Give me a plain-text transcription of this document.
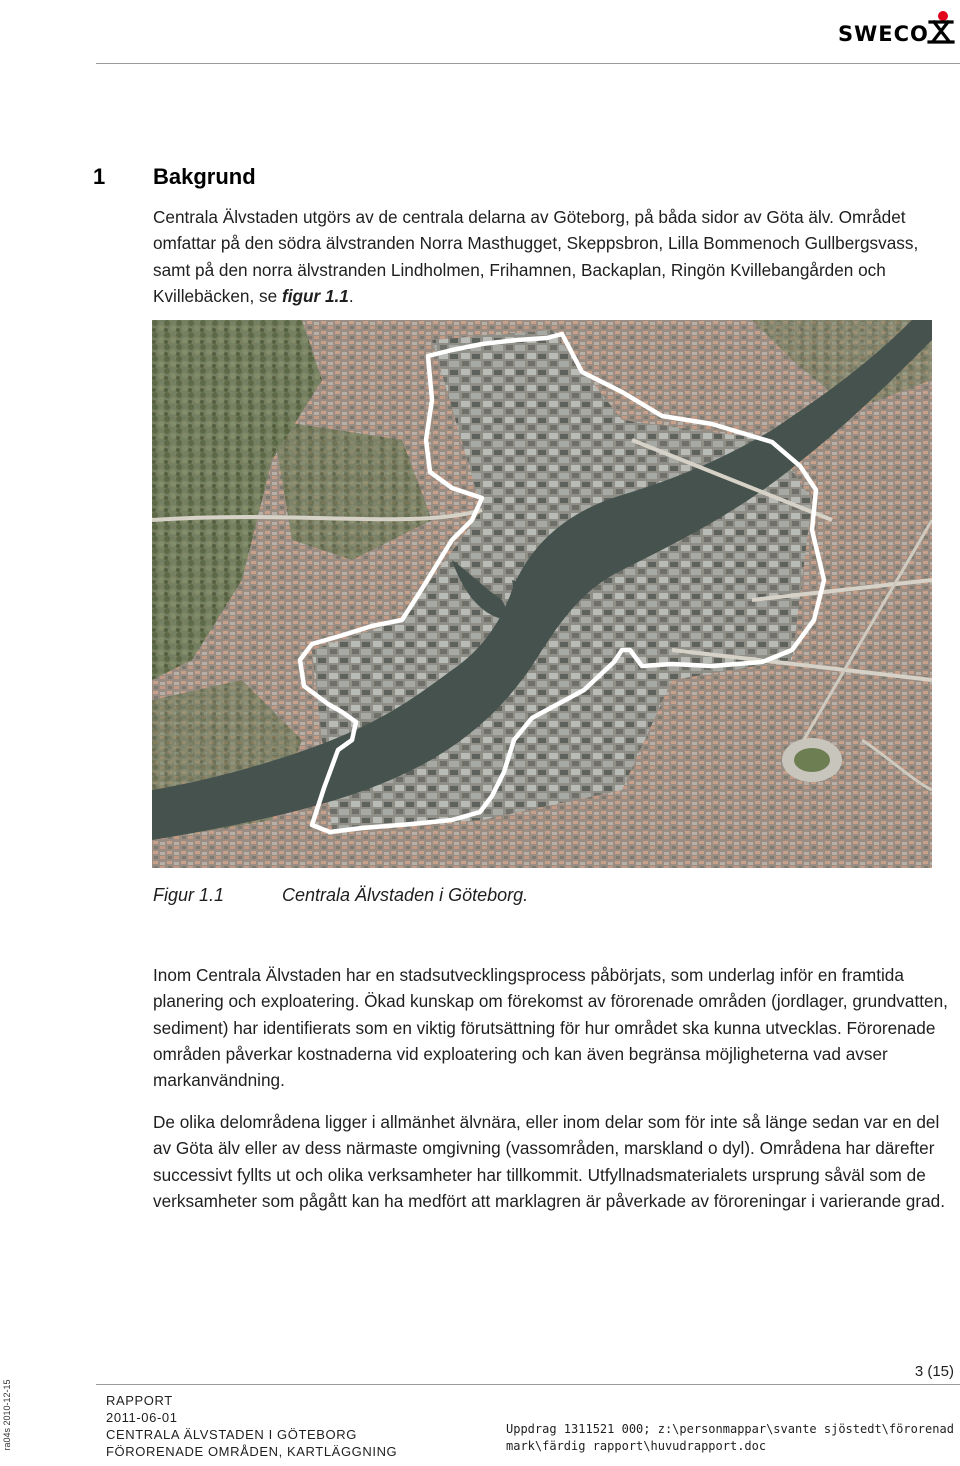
SWECO
1 Bakgrund

Centrala Älvstaden utgörs av de centrala delarna av Göteborg, på båda sidor av Göta älv. Området omfattar på den södra älvstranden Norra Masthugget, Skeppsbron, Lilla Bommenoch Gullbergsvass, samt på den norra älvstranden Lindholmen, Frihamnen, Backaplan, Ringön Kvillebangården och Kvillebäcken, se figur 1.1.

Figur 1.1	Centrala Älvstaden i Göteborg.

Inom Centrala Älvstaden har en stadsutvecklingsprocess påbörjats, som underlag inför en framtida planering och exploatering. Ökad kunskap om förekomst av förorenade områden (jordlager, grundvatten, sediment) har identifierats som en viktig förutsättning för hur området ska kunna utvecklas. Förorenade områden påverkar kostnaderna vid exploatering och kan även begränsa möjligheterna vad avser markanvändning.

De olika delområdena ligger i allmänhet älvnära, eller inom delar som för inte så länge sedan var en del av Göta älv eller av dess närmaste omgivning (vassområden, marskland o dyl). Områdena har därefter successivt fyllts ut och olika verksamheter har tillkommit. Utfyllnadsmaterialets ursprung såväl som de verksamheter som pågått kan ha medfört att marklagren är påverkade av föroreningar i varierande grad.

3 (15)
ra04s 2010-12-15	RAPPORT
2011-06-01
CENTRALA ÄLVSTADEN I GÖTEBORG
FÖRORENADE OMRÅDEN, KARTLÄGGNING
Uppdrag 1311521 000; z:\personmappar\svante sjöstedt\förorenad
mark\färdig rapport\huvudrapport.doc
